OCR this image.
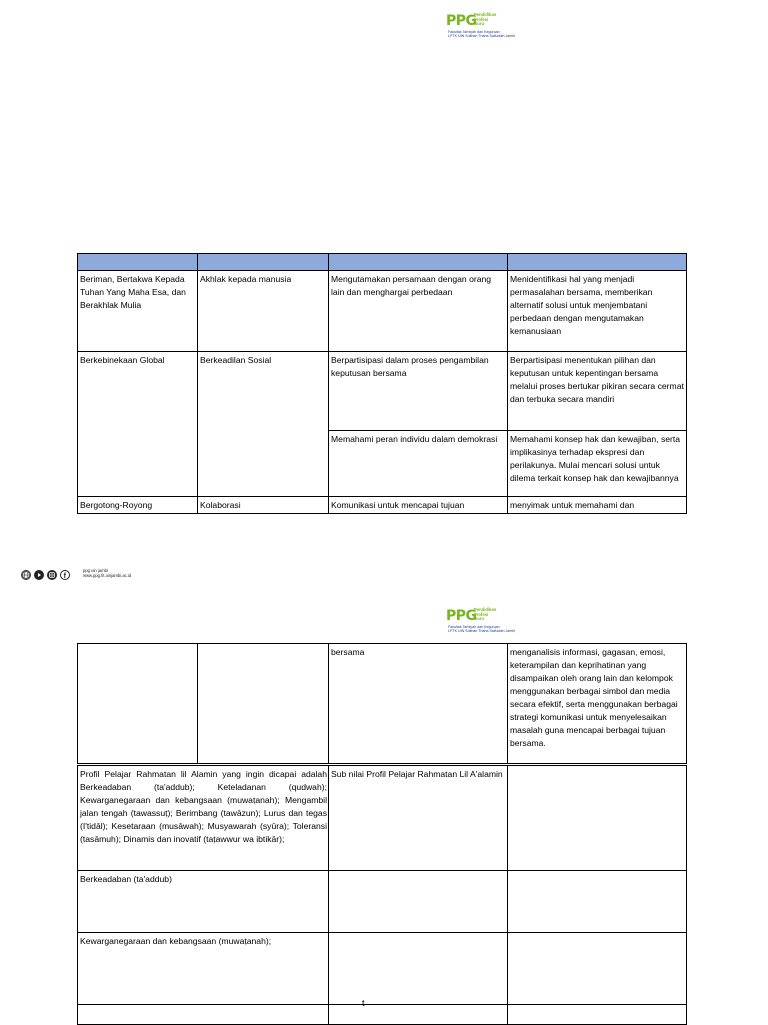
PPG
Pendidikan
Profesi
Guru
Fakultas Tarbiyah dan Keguruan
LPTK UIN Sulthan Thaha Saifuddin Jambi

Beriman, Bertakwa Kepada Tuhan Yang Maha Esa, dan Berakhlak Mulia	Akhlak kepada manusia	Mengutamakan persamaan dengan orang lain dan menghargai perbedaan	Menidentifikasi hal yang menjadi permasalahan bersama, memberikan alternatif solusi untuk menjembatani perbedaan dengan mengutamakan kemanusiaan
Berkebinekaan Global	Berkeadilan Sosial	Berpartisipasi dalam proses pengambilan keputusan bersama	Berpartisipasi menentukan pilihan dan keputusan untuk kepentingan bersama melalui proses bertukar pikiran secara cermat dan terbuka secara mandiri
		Memahami peran individu dalam demokrasi	Memahami konsep hak dan kewajiban, serta implikasinya terhadap ekspresi dan perilakunya. Mulai mencari solusi untuk dilema terkait konsep hak dan kewajibannya
Bergotong-Royong	Kolaborasi	Komunikasi untuk mencapai tujuan	menyimak untuk memahami dan
f
ppg uin jambi
www.ppg.fit.uinjambi.ac.id
PPG
Pendidikan
Profesi
Guru
Fakultas Tarbiyah dan Keguruan
LPTK UIN Sulthan Thaha Saifuddin Jambi
		bersama	menganalisis informasi, gagasan, emosi, keterampilan dan keprihatinan yang disampaikan oleh orang lain dan kelompok menggunakan berbagai simbol dan media secara efektif, serta menggunakan berbagai strategi komunikasi untuk menyelesaikan masalah guna mencapai berbagai tujuan bersama.
Profil Pelajar Rahmatan lil Alamin yang ingin dicapai adalah Berkeadaban (ta'addub); Keteladanan (qudwah); Kewarganegaraan dan kebangsaan (muwaṭanah); Mengambil jalan tengah (tawassuṭ); Berimbang (tawāzun); Lurus dan tegas (I'tidāl); Kesetaraan (musāwah); Musyawarah (syūra); Toleransi (tasāmuh); Dinamis dan inovatif (taṭawwur wa ibtikār);	Sub nilai Profil Pelajar Rahmatan Lil A'alamin	
Berkeadaban (ta'addub)		
Kewarganegaraan dan kebangsaan (muwaṭanah);		

t
